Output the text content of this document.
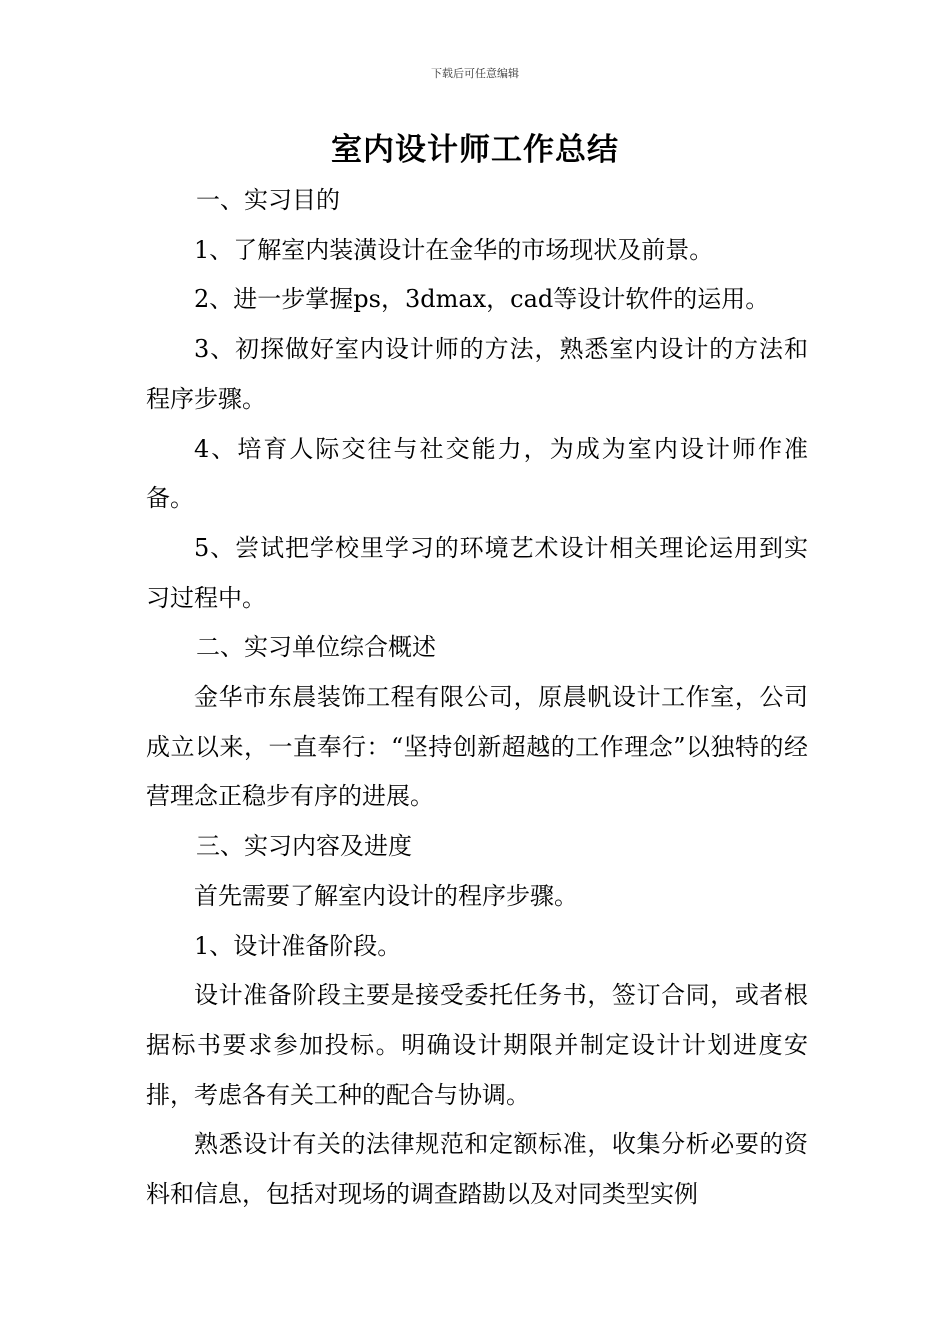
下载后可任意编辑
室内设计师工作总结

一、实习目的

1、了解室内装潢设计在金华的市场现状及前景。

2、进一步掌握ps，3dmax，cad等设计软件的运用。

3、初探做好室内设计师的方法，熟悉室内设计的方法和程序步骤。

4、培育人际交往与社交能力，为成为室内设计师作准备。

5、尝试把学校里学习的环境艺术设计相关理论运用到实习过程中。

二、实习单位综合概述

金华市东晨装饰工程有限公司，原晨帆设计工作室，公司成立以来，一直奉行：“坚持创新超越的工作理念”以独特的经营理念正稳步有序的进展。

三、实习内容及进度

首先需要了解室内设计的程序步骤。

1、设计准备阶段。

设计准备阶段主要是接受委托任务书，签订合同，或者根据标书要求参加投标。明确设计期限并制定设计计划进度安排，考虑各有关工种的配合与协调。

熟悉设计有关的法律规范和定额标准，收集分析必要的资料和信息，包括对现场的调查踏勘以及对同类型实例
